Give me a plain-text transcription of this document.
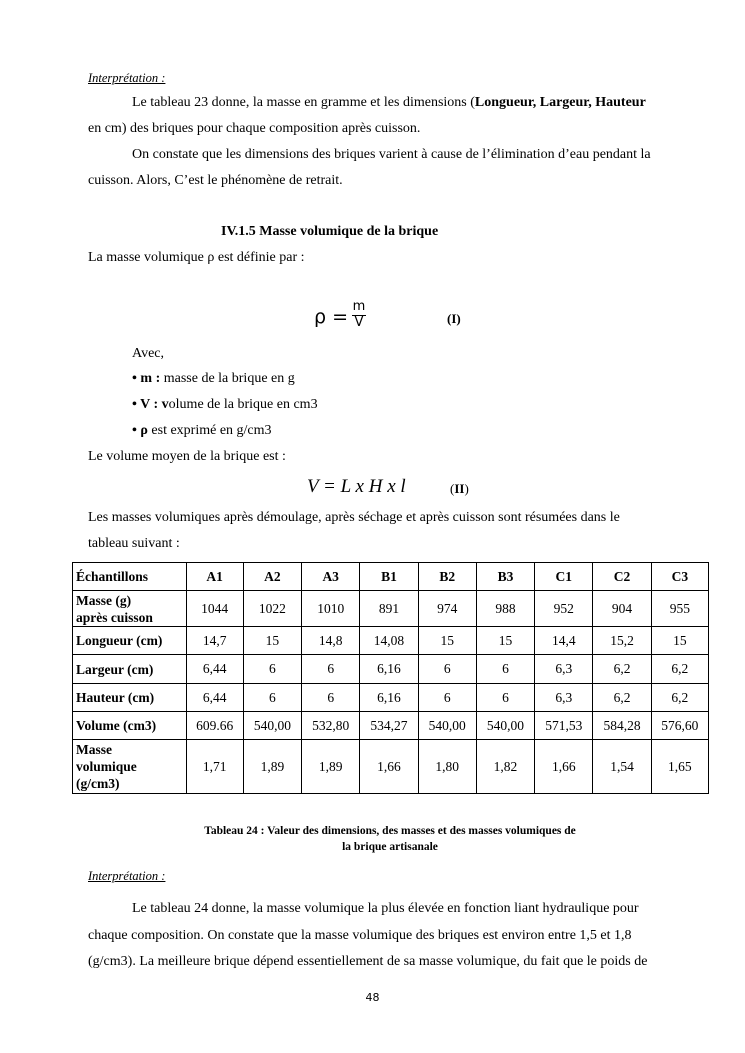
Interprétation :
Le tableau 23 donne, la masse en gramme et les dimensions (Longueur, Largeur, Hauteur
en cm) des briques pour chaque composition après cuisson.
On constate que les dimensions des briques varient à cause de l’élimination d’eau pendant la
cuisson. Alors, C’est le phénomène de retrait.
IV.1.5 Masse volumique de la brique
La masse volumique ρ est définie par :
$\rho = \frac{m}{V}$	(I)
Avec,
• m : masse de la brique en g
• V : volume de la brique en cm3
• ρ est exprimé en g/cm3
Le volume moyen de la brique est :
V = L x H x l	(II)
Les masses volumiques après démoulage, après séchage et après cuisson sont résumées dans le
tableau suivant :
Échantillons	A1	A2	A3	B1	B2	B3	C1	C2	C3

Masse (g)
après cuisson	1044	1022	1010	891	974	988	952	904	955
Longueur (cm)	14,7	15	14,8	14,08	15	15	14,4	15,2	15
Largeur (cm)	6,44	6	6	6,16	6	6	6,3	6,2	6,2
Hauteur (cm)	6,44	6	6	6,16	6	6	6,3	6,2	6,2
Volume (cm3)	609.66	540,00	532,80	534,27	540,00	540,00	571,53	584,28	576,60

Masse
volumique
(g/cm3)	1,71	1,89	1,89	1,66	1,80	1,82	1,66	1,54	1,65
Tableau 24 : Valeur des dimensions, des masses et des masses volumiques de
la brique artisanale
Interprétation :
Le tableau 24 donne, la masse volumique la plus élevée en fonction liant hydraulique pour
chaque composition. On constate que la masse volumique des briques est environ entre 1,5 et 1,8
(g/cm3). La meilleure brique dépend essentiellement de sa masse volumique, du fait que le poids de
48
